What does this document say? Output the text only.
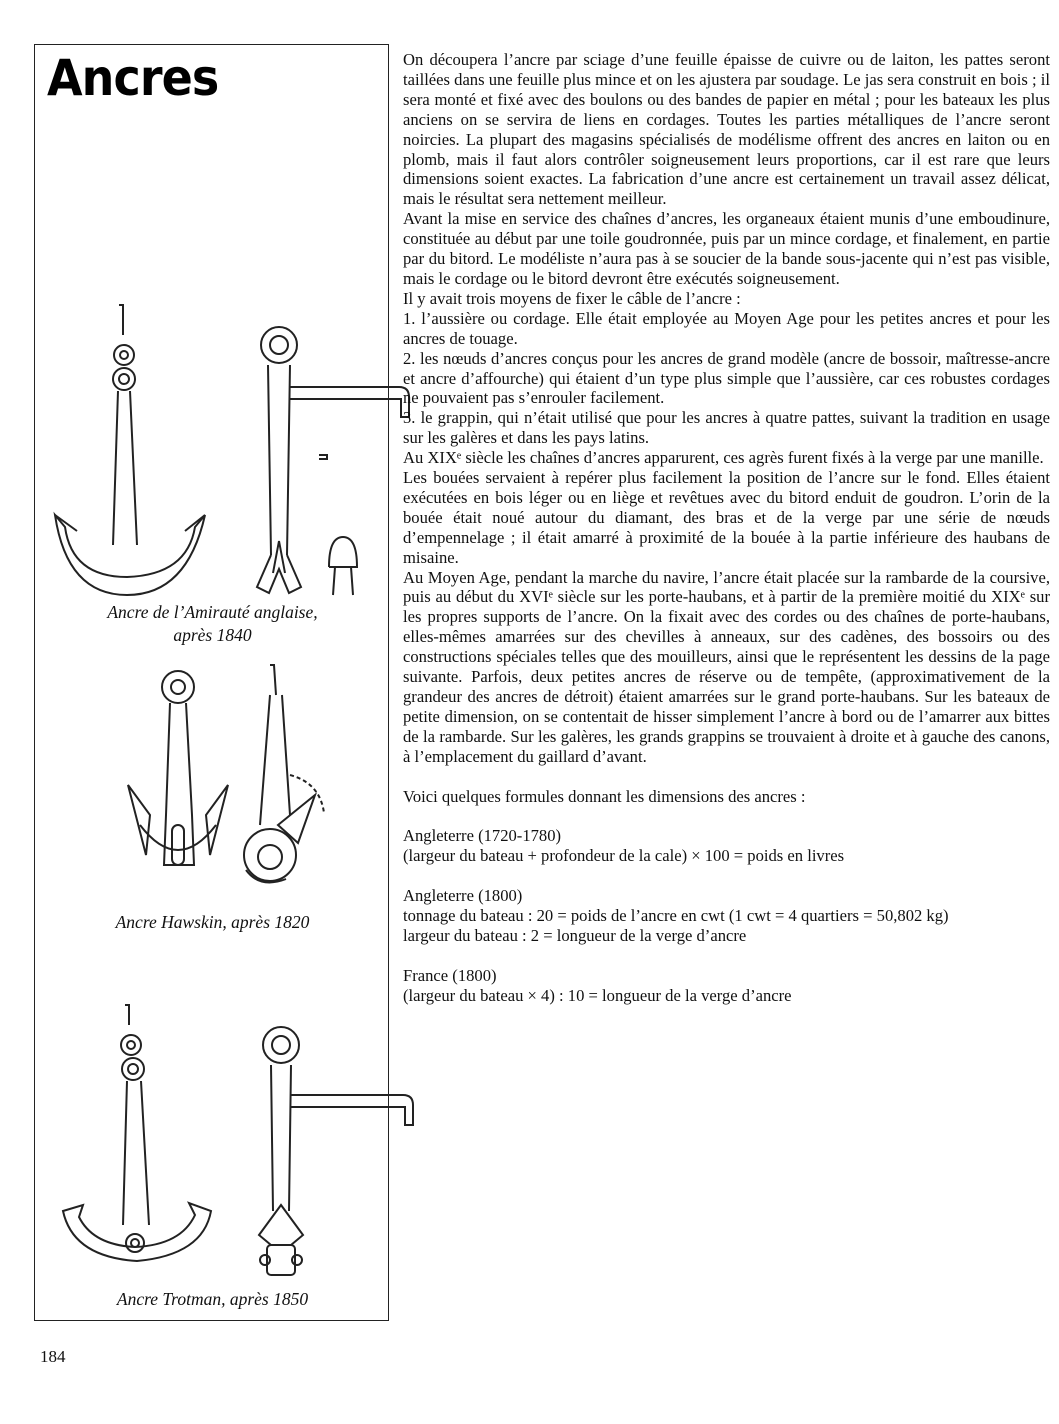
Ancres
Ancre de l’Amirauté anglaise,
après 1840
Ancre Hawskin, après 1820
Ancre Trotman, après 1850

On découpera l’ancre par sciage d’une feuille épaisse de cuivre ou de laiton, les pattes seront taillées dans une feuille plus mince et on les ajustera par soudage. Le jas sera construit en bois ; il sera monté et fixé avec des boulons ou des bandes de papier en métal ; pour les bateaux les plus anciens on se servira de liens en cordages. Toutes les parties métalliques de l’ancre seront noircies. La plupart des magasins spécialisés de modélisme offrent des ancres en laiton ou en plomb, mais il faut alors contrôler soigneusement leurs proportions, car il est rare que leurs dimensions soient exactes. La fabrication d’une ancre est certainement un travail assez délicat, mais le résultat sera nettement meilleur.

Avant la mise en service des chaînes d’ancres, les organeaux étaient munis d’une emboudinure, constituée au début par une toile goudronnée, puis par un mince cordage, et finalement, en partie par du bitord. Le modéliste n’aura pas à se soucier de la bande sous-jacente qui n’est pas visible, mais le cordage ou le bitord devront être exécutés soigneusement.

Il y avait trois moyens de fixer le câble de l’ancre :

1. l’aussière ou cordage. Elle était employée au Moyen Age pour les petites ancres et pour les ancres de touage.

2. les nœuds d’ancres conçus pour les ancres de grand modèle (ancre de bossoir, maîtresse-ancre et ancre d’affourche) qui étaient d’un type plus simple que l’aussière, car ces robustes cordages ne pouvaient pas s’enrouler facilement.

3. le grappin, qui n’était utilisé que pour les ancres à quatre pattes, suivant la tradition en usage sur les galères et dans les pays latins.

Au XIXᵉ siècle les chaînes d’ancres apparurent, ces agrès furent fixés à la verge par une manille.

Les bouées servaient à repérer plus facilement la position de l’ancre sur le fond. Elles étaient exécutées en bois léger ou en liège et revêtues avec du bitord enduit de goudron. L’orin de la bouée était noué autour du diamant, des bras et de la verge par une série de nœuds d’empennelage ; il était amarré à proximité de la bouée à la partie inférieure des haubans de misaine.

Au Moyen Age, pendant la marche du navire, l’ancre était placée sur la rambarde de la coursive, puis au début du XVIᵉ siècle sur les porte-haubans, et à partir de la première moitié du XIXᵉ sur les propres supports de l’ancre. On la fixait avec des cordes ou des chaînes de porte-haubans, elles-mêmes amarrées sur des chevilles à anneaux, sur des cadènes, des bossoirs ou des constructions spéciales telles que des mouilleurs, ainsi que le représentent les dessins de la page suivante. Parfois, deux petites ancres de réserve ou de tempête, (approximativement de la grandeur des ancres de détroit) étaient amarrées sur le grand porte-haubans. Sur les bateaux de petite dimension, on se contentait de hisser simplement l’ancre à bord ou de l’amarrer aux bittes de la rambarde. Sur les galères, les grands grappins se trouvaient à droite et à gauche des canons, à l’emplacement du gaillard d’avant.

Voici quelques formules donnant les dimensions des ancres :

Angleterre (1720-1780)

(largeur du bateau + profondeur de la cale) × 100 = poids en livres

Angleterre (1800)

tonnage du bateau : 20 = poids de l’ancre en cwt (1 cwt = 4 quartiers = 50,802 kg)

largeur du bateau : 2 = longueur de la verge d’ancre

France (1800)

(largeur du bateau × 4) : 10 = longueur de la verge d’ancre

184
